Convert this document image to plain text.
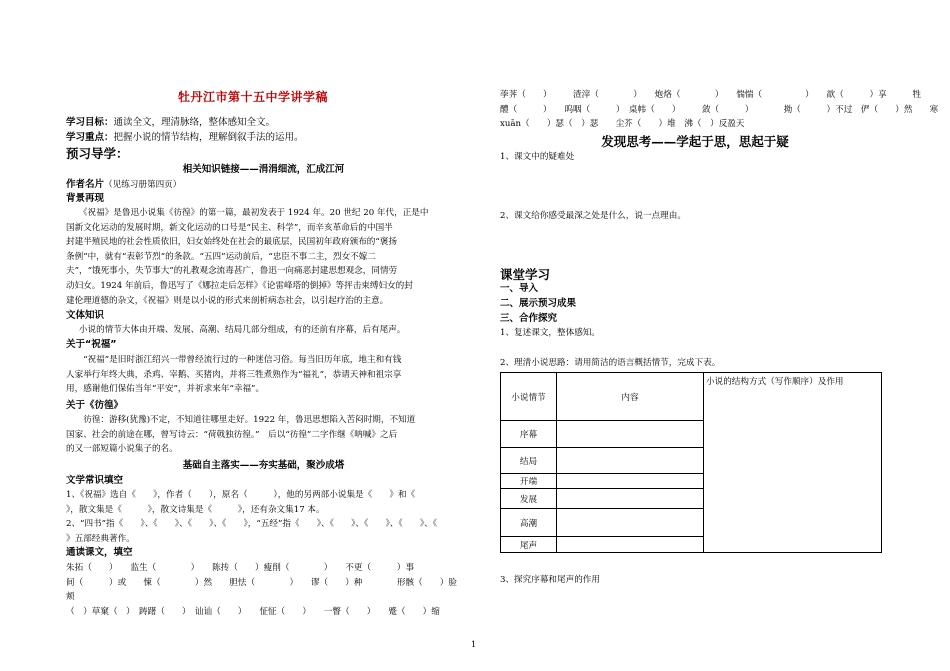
牡丹江市第十五中学讲学稿
学习目标：通读全文，理清脉络，整体感知全文。
学习重点：把握小说的情节结构，理解倒叙手法的运用。
预习导学：
相关知识链接——涓涓细流，汇成江河
作者名片（见练习册第四页）
背景再现

《祝福》是鲁迅小说集《彷徨》的第一篇，最初发表于 1924 年。20 世纪 20 年代，正是中

国新文化运动的发展时期，新文化运动的口号是“民主、科学”，而辛亥革命后的中国半

封建半殖民地的社会性质依旧，妇女始终处在社会的最底层，民国初年政府颁布的“褒扬

条例”中，就有“表彰节烈”的条款。“五四”运动前后，“忠臣不事二主，烈女不嫁二

夫”，“饿死事小，失节事大”的礼教观念流毒甚广，鲁迅一向痛恶封建思想观念，同情劳

动妇女。1924 年前后，鲁迅写了《娜拉走后怎样》《论雷峰塔的倒掉》等抨击束缚妇女的封

建伦理道德的杂文，《祝福》则是以小说的形式来剖析病态社会，以引起疗治的主意。

文体知识
小说的情节大体由开端、发展、高潮、结局几部分组成，有的还前有序幕，后有尾声。
关于“祝福”

“祝福”是旧时浙江绍兴一带曾经流行过的一种迷信习俗。每当旧历年底，地主和有钱

人家举行年终大典，杀鸡、宰鹅、买猪肉，并将三牲煮熟作为“福礼”，恭请天神和祖宗享

用，感谢他们保佑当年“平安”，并祈求来年“幸福”。

关于《彷徨》

彷徨：游移(犹豫)不定，不知道往哪里走好。1922 年，鲁迅思想陷入苦闷时期，不知道

国家、社会的前途在哪，曾写诗云：“荷戟独彷徨。”　后以“彷徨”二字作继《呐喊》之后

的又一部短篇小说集子的名。

基础自主落实——夯实基础，聚沙成塔
文学常识填空

1、《祝福》选自《　　》，作者（　　），原名（　　　），他的另两部小说集是《　　》和《

》，散文集是《　　　》，散文诗集是《　　　》，还有杂文集17 本。

2、“四书”指《　　》、《　　》、《　　》、《　　》，“五经”指《　　》、《　　》、《　　》、《　　》、《

》五部经典著作。

通读课文，填空

朱拓（　　）　　监生（　　　　）　　陈抟（　　）瘦削（　　　　）　　不更（　　　）事

间（　　　）或　　悚（　　　　）然　　胆怯（　　　　）　　谬（　　）种　　　　形骸（　　）脸颊

（　）草窠（　）　踌躇（　　）　讪讪（　　）　　怔怔（　　）　　一瞥（　　）　　蹙（　　）缩

荸荠（　　）　　　渣滓（　　　　）　　炮烙（　　　　）　　惴惴（　　　　　）　　歆（　　　）享　　　牲

醴（　　　）　　呜咽（　　　）　桌帏（　　）　　　敛（　　　）　　　　拗（　　　）不过　俨（　　）然　　寒

xuān（　　）瑟（　）瑟　　尘芥（　　）堆　沸（　）反盈天

发现思考——学起于思，思起于疑
1、课文中的疑难处
2、课文给你感受最深之处是什么，说一点理由。
课堂学习
一、导入
二、展示预习成果
三、合作探究
1、复述课文，整体感知。
2、理清小说思路：请用简洁的语言概括情节，完成下表。
小说情节	内容	小说的结构方式（写作顺序）及作用
序幕		
结局		
开端		
发展		
高潮		
尾声		
3、探究序幕和尾声的作用
1
